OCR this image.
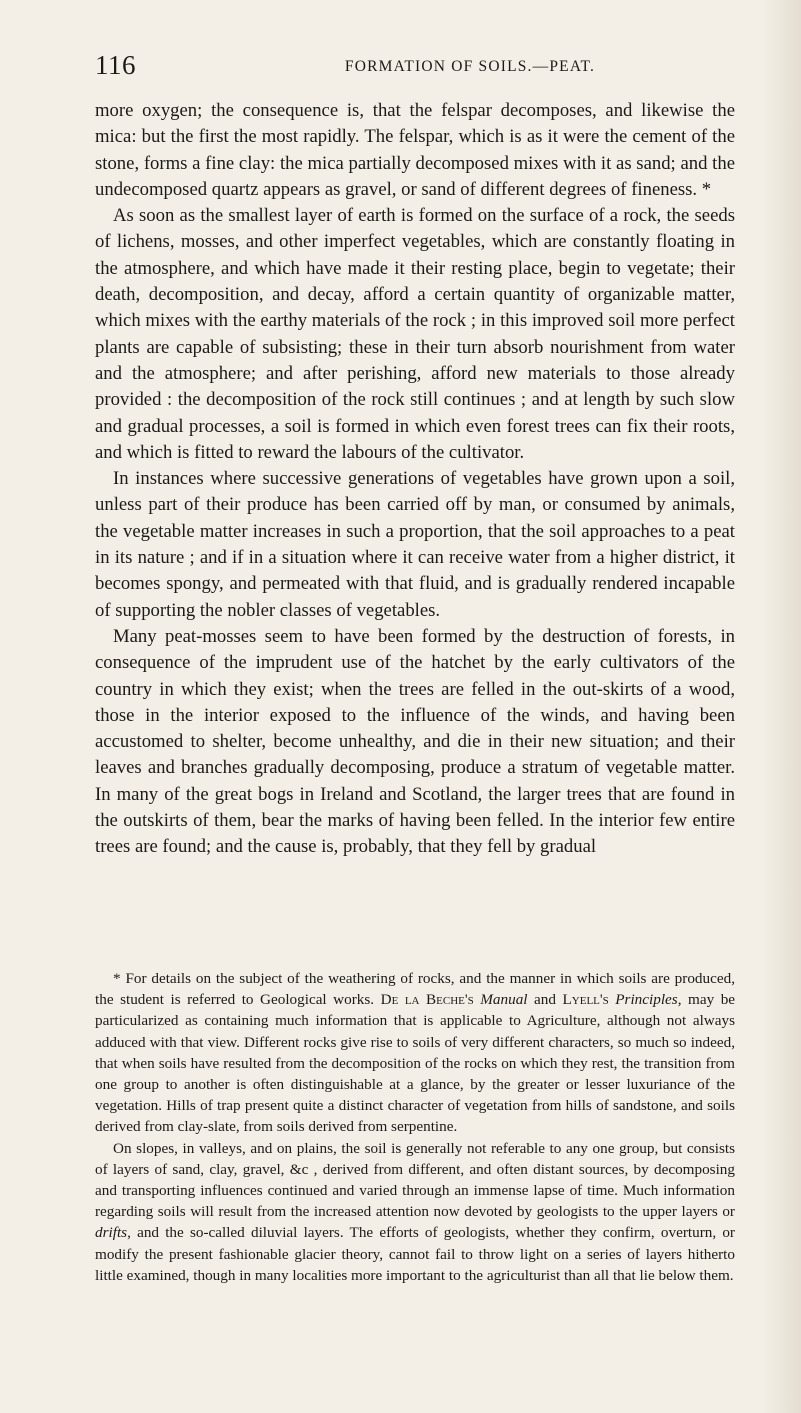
116	FORMATION OF SOILS.—PEAT.

more oxygen; the consequence is, that the felspar decomposes, and likewise the mica: but the first the most rapidly. The felspar, which is as it were the cement of the stone, forms a fine clay: the mica partially decomposed mixes with it as sand; and the undecomposed quartz appears as gravel, or sand of different degrees of fineness. *

As soon as the smallest layer of earth is formed on the surface of a rock, the seeds of lichens, mosses, and other imperfect vegetables, which are constantly floating in the atmosphere, and which have made it their resting place, begin to vegetate; their death, decomposition, and decay, afford a certain quantity of organizable matter, which mixes with the earthy materials of the rock ; in this improved soil more perfect plants are capable of subsisting; these in their turn absorb nourishment from water and the atmosphere; and after perishing, afford new materials to those already provided : the decomposition of the rock still continues ; and at length by such slow and gradual processes, a soil is formed in which even forest trees can fix their roots, and which is fitted to reward the labours of the cultivator.

In instances where successive generations of vegetables have grown upon a soil, unless part of their produce has been carried off by man, or consumed by animals, the vegetable matter increases in such a proportion, that the soil approaches to a peat in its nature ; and if in a situation where it can receive water from a higher district, it becomes spongy, and permeated with that fluid, and is gradually rendered incapable of supporting the nobler classes of vegetables.

Many peat-mosses seem to have been formed by the destruction of forests, in consequence of the imprudent use of the hatchet by the early cultivators of the country in which they exist; when the trees are felled in the out-skirts of a wood, those in the interior exposed to the influence of the winds, and having been accustomed to shelter, become unhealthy, and die in their new situation; and their leaves and branches gradually decomposing, produce a stratum of vegetable matter. In many of the great bogs in Ireland and Scotland, the larger trees that are found in the outskirts of them, bear the marks of having been felled. In the interior few entire trees are found; and the cause is, probably, that they fell by gradual

* For details on the subject of the weathering of rocks, and the manner in which soils are produced, the student is referred to Geological works. De la Beche's Manual and Lyell's Principles, may be particularized as containing much information that is applicable to Agriculture, although not always adduced with that view. Different rocks give rise to soils of very different characters, so much so indeed, that when soils have resulted from the decomposition of the rocks on which they rest, the transition from one group to another is often distinguishable at a glance, by the greater or lesser luxuriance of the vegetation. Hills of trap present quite a distinct character of vegetation from hills of sandstone, and soils derived from clay-slate, from soils derived from serpentine.

On slopes, in valleys, and on plains, the soil is generally not referable to any one group, but consists of layers of sand, clay, gravel, &c , derived from different, and often distant sources, by decomposing and transporting influences continued and varied through an immense lapse of time. Much information regarding soils will result from the increased attention now devoted by geologists to the upper layers or drifts, and the so-called diluvial layers. The efforts of geologists, whether they confirm, overturn, or modify the present fashionable glacier theory, cannot fail to throw light on a series of layers hitherto little examined, though in many localities more important to the agriculturist than all that lie below them.
